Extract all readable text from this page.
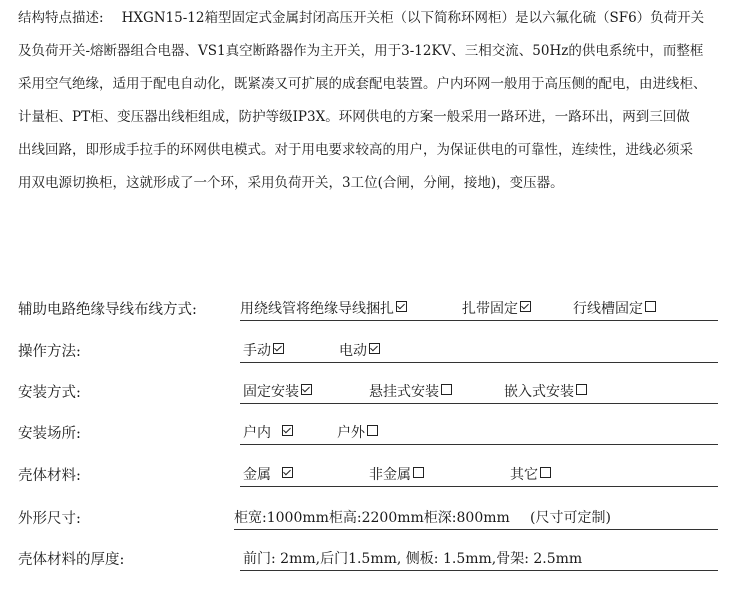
结构特点描述: HXGN15-12箱型固定式金属封闭高压开关柜（以下简称环网柜）是以六氟化硫（SF6）负荷开关
及负荷开关-熔断器组合电器、VS1真空断路器作为主开关，用于3-12KV、三相交流、50Hz的供电系统中，而整框
采用空气绝缘，适用于配电自动化，既紧凑又可扩展的成套配电装置。户内环网一般用于高压侧的配电，由进线柜、
计量柜、PT柜、变压器出线柜组成，防护等级IP3X。环网供电的方案一般采用一路环进，一路环出，两到三回做
出线回路，即形成手拉手的环网供电模式。对于用电要求较高的用户，为保证供电的可靠性，连续性，进线必须采
用双电源切换柜，这就形成了一个环，采用负荷开关，3工位(合闸，分闸，接地)，变压器。
辅助电路绝缘导线布线方式:	用绕线管将绝缘导线捆扎	扎带固定	行线槽固定
操作方法:	手动	电动
安装方式:	固定安装	悬挂式安装	嵌入式安装
安装场所:	户内	户外
壳体材料:	金属	非金属	其它
外形尺寸:	柜宽:1000mm柜高:2200mm柜深:800mm (尺寸可定制)
壳体材料的厚度:	前门: 2mm,后门1.5mm, 侧板: 1.5mm,骨架: 2.5mm
